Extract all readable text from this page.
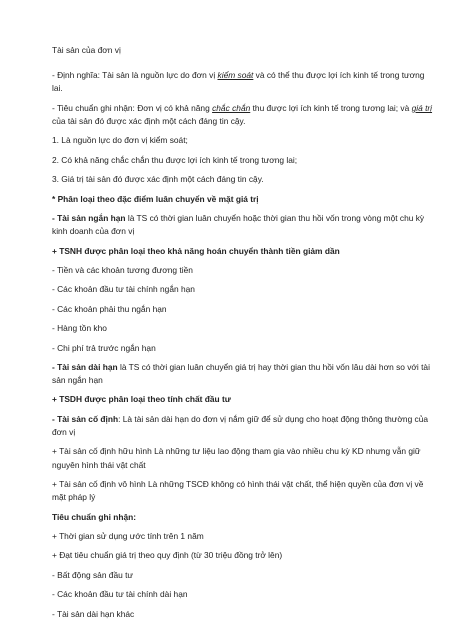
Tài sản của đơn vị
- Định nghĩa: Tài sản là nguồn lực do đơn vị kiểm soát và có thể thu được lợi ích kinh tế trong tương lai.
- Tiêu chuẩn ghi nhận: Đơn vị có khả năng chắc chắn thu được lợi ích kinh tế trong tương lai; và giá trị của tài sản đó được xác định một cách đáng tin cậy.
1. Là nguồn lực do đơn vị kiểm soát;
2. Có khả năng chắc chắn thu được lợi ích kinh tế trong tương lai;
3. Giá trị tài sản đó được xác định một cách đáng tin cậy.
* Phân loại theo đặc điểm luân chuyển về mặt giá trị
- Tài sản ngắn hạn là TS có thời gian luân chuyển hoặc thời gian thu hồi vốn trong vòng một chu kỳ kinh doanh của đơn vị
+ TSNH được phân loại theo khả năng hoán chuyển thành tiền giảm dần
- Tiền và các khoản tương đương tiền
- Các khoản đầu tư tài chính ngắn hạn
- Các khoản phải thu ngắn hạn
- Hàng tồn kho
- Chi phí trả trước ngắn hạn
- Tài sản dài hạn là TS có thời gian luân chuyển giá trị hay thời gian thu hồi vốn lâu dài hơn so với tài sản ngắn hạn
+ TSDH được phân loại theo tính chất đầu tư
- Tài sản cố định: Là tài sản dài hạn do đơn vị nắm giữ để sử dụng cho hoạt động thông thường của đơn vị
+ Tài sản cố định hữu hình Là những tư liệu lao động tham gia vào nhiều chu kỳ KD nhưng vẫn giữ nguyên hình thái vật chất
+ Tài sản cố định vô hình Là những TSCĐ không có hình thái vật chất, thể hiện quyền của đơn vị về mặt pháp lý
Tiêu chuẩn ghi nhận:
+ Thời gian sử dụng ước tính trên 1 năm
+ Đạt tiêu chuẩn giá trị theo quy định (từ 30 triệu đồng trở lên)
- Bất động sản đầu tư
- Các khoản đầu tư tài chính dài hạn
- Tài sản dài hạn khác
